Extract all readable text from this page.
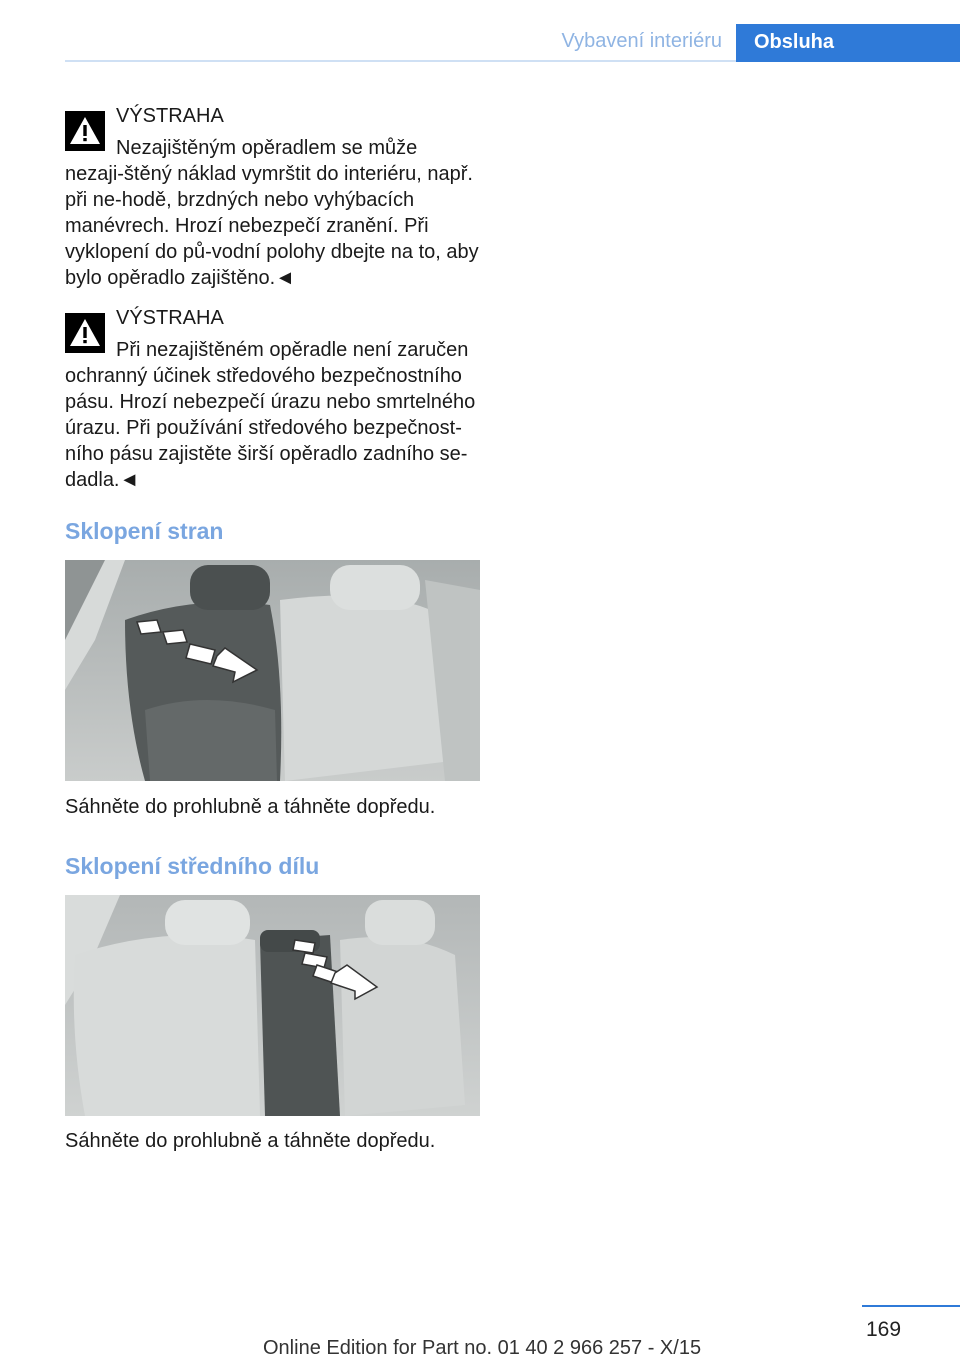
Vybavení interiéru	Obsluha
VÝSTRAHA

Nezajištěným opěradlem se může nezaji-štěný náklad vymrštit do interiéru, např. při ne-hodě, brzdných nebo vyhýbacích manévrech. Hrozí nebezpečí zranění. Při vyklopení do pů-vodní polohy dbejte na to, aby bylo opěradlo zajištěno.◄

VÝSTRAHA

Při nezajištěném opěradle není zaručen ochranný účinek středového bezpečnostního pásu. Hrozí nebezpečí úrazu nebo smrtelného úrazu. Při používání středového bezpečnost-ního pásu zajistěte širší opěradlo zadního se-dadla.◄

Sklopení stran
Sáhněte do prohlubně a táhněte dopředu.
Sklopení středního dílu
Sáhněte do prohlubně a táhněte dopředu.
169
Online Edition for Part no. 01 40 2 966 257 - X/15
